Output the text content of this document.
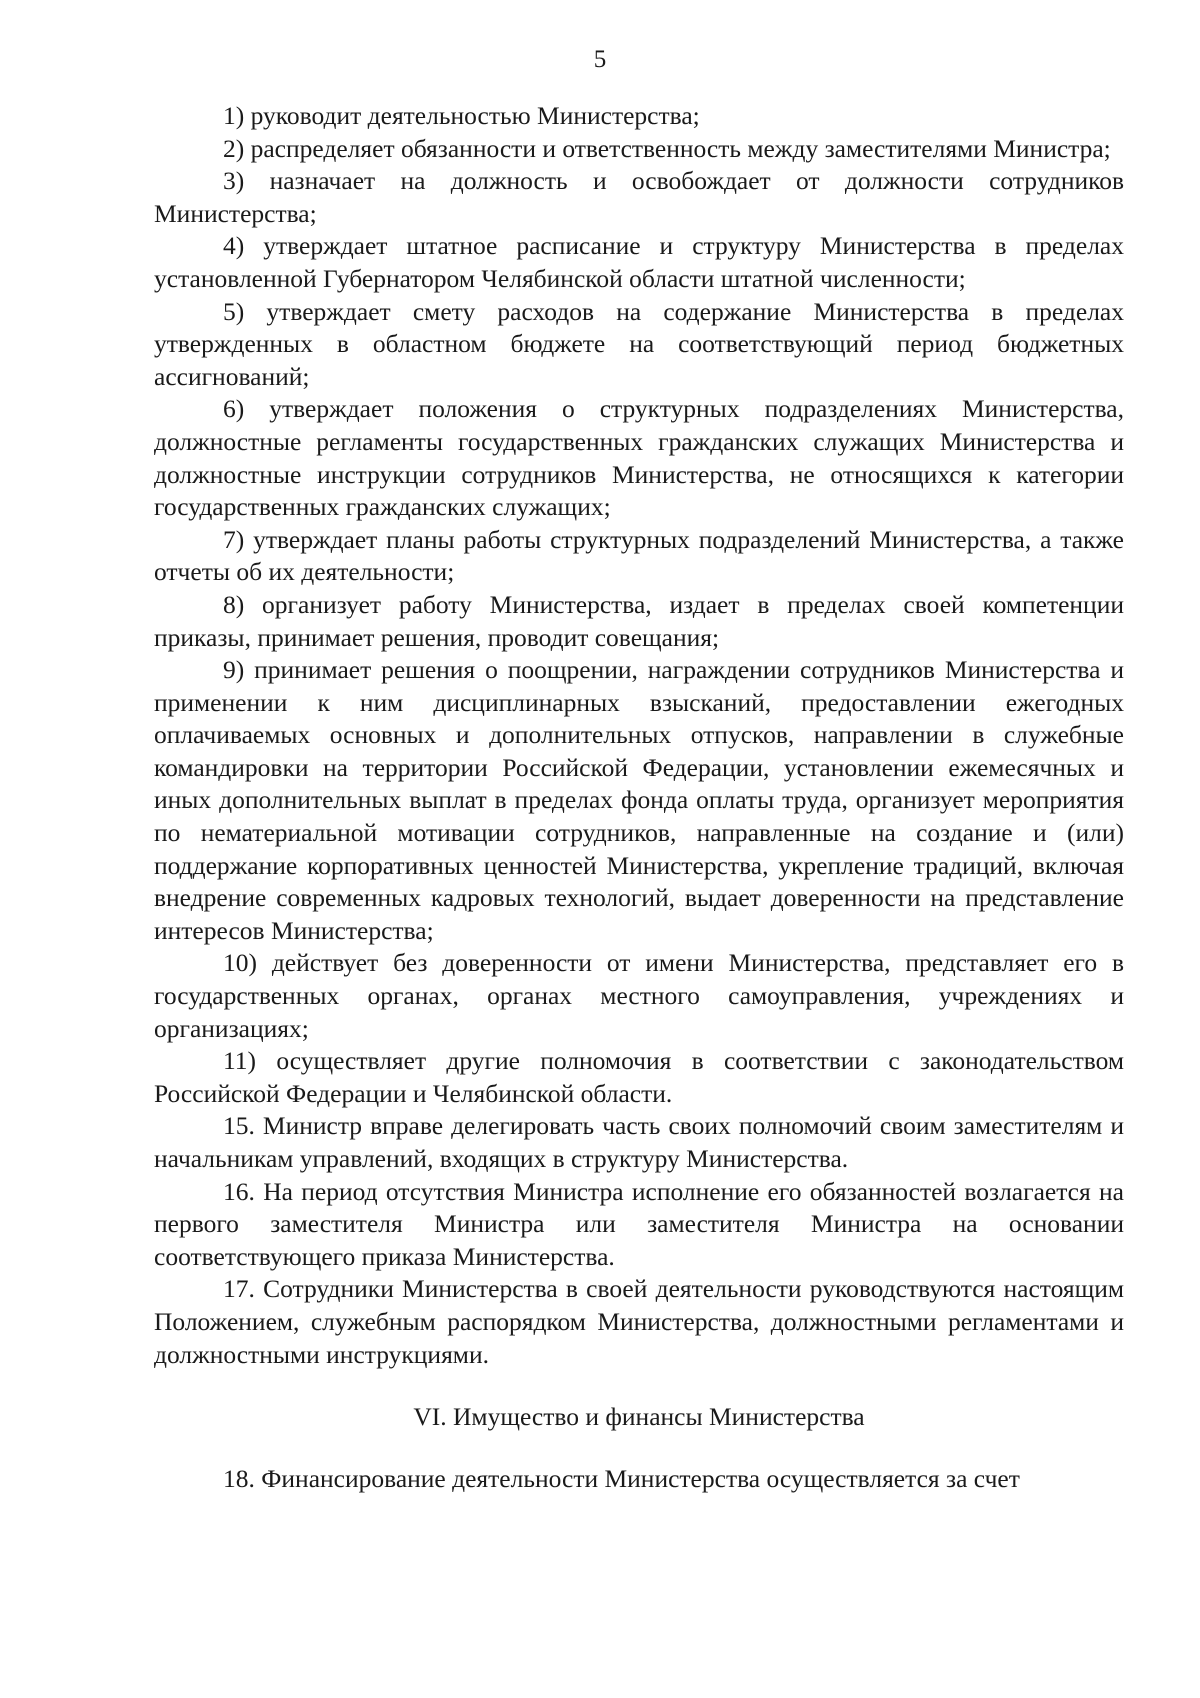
5

1) руководит деятельностью Министерства;

2) распределяет обязанности и ответственность между заместителями Министра;

3) назначает на должность и освобождает от должности сотрудников Министерства;

4) утверждает штатное расписание и структуру Министерства в пределах установленной Губернатором Челябинской области штатной численности;

5) утверждает смету расходов на содержание Министерства в пределах утвержденных в областном бюджете на соответствующий период бюджетных ассигнований;

6) утверждает положения о структурных подразделениях Министерства, должностные регламенты государственных гражданских служащих Министерства и должностные инструкции сотрудников Министерства, не относящихся к категории государственных гражданских служащих;

7) утверждает планы работы структурных подразделений Министерства, а также отчеты об их деятельности;

8) организует работу Министерства, издает в пределах своей компетенции приказы, принимает решения, проводит совещания;

9) принимает решения о поощрении, награждении сотрудников Министерства и применении к ним дисциплинарных взысканий, предоставлении ежегодных оплачиваемых основных и дополнительных отпусков, направлении в служебные командировки на территории Российской Федерации, установлении ежемесячных и иных дополнительных выплат в пределах фонда оплаты труда, организует мероприятия по нематериальной мотивации сотрудников, направленные на создание и (или) поддержание корпоративных ценностей Министерства, укрепление традиций, включая внедрение современных кадровых технологий, выдает доверенности на представление интересов Министерства;

10) действует без доверенности от имени Министерства, представляет его в государственных органах, органах местного самоуправления, учреждениях и организациях;

11) осуществляет другие полномочия в соответствии с законодательством Российской Федерации и Челябинской области.

15. Министр вправе делегировать часть своих полномочий своим заместителям и начальникам управлений, входящих в структуру Министерства.

16. На период отсутствия Министра исполнение его обязанностей возлагается на первого заместителя Министра или заместителя Министра на основании соответствующего приказа Министерства.

17. Сотрудники Министерства в своей деятельности руководствуются настоящим Положением, служебным распорядком Министерства, должностными регламентами и должностными инструкциями.

VI. Имущество и финансы Министерства

18. Финансирование деятельности Министерства осуществляется за счет
